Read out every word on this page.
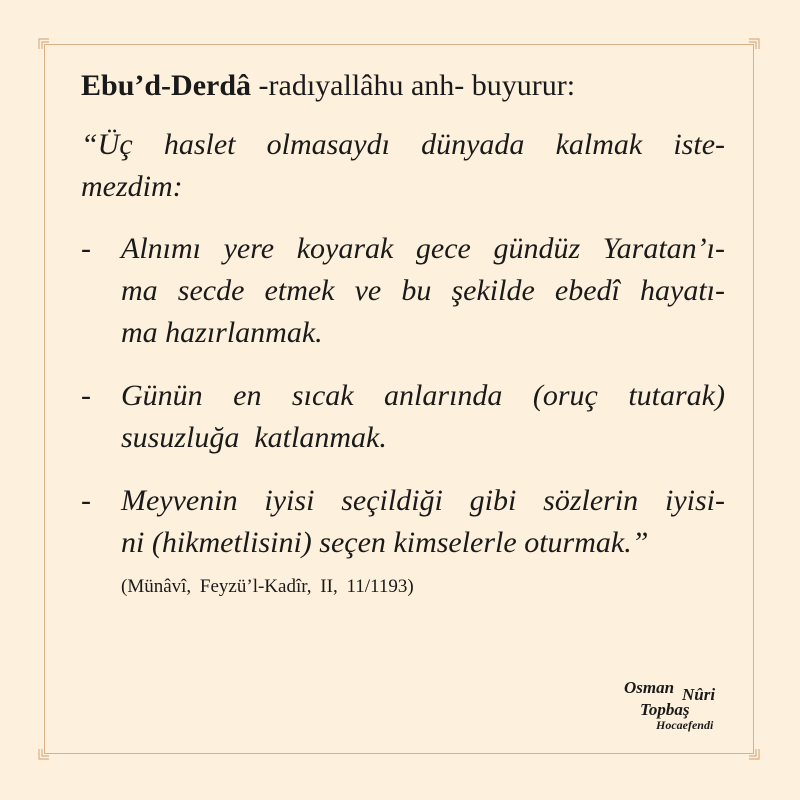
Ebu’d-Derdâ -radıyallâhu anh- buyurur:

“Üç haslet olmasaydı dünyada kalmak iste-
mezdim:

-	Alnımı yere koyarak gece gündüz Yaratan’ı-
ma secde etmek ve bu şekilde ebedî hayatı-
ma hazırlanmak.
-	Günün en sıcak anlarında (oruç tutarak)
susuzluğa  katlanmak.
-	Meyvenin iyisi seçildiği gibi sözlerin iyisi-
ni (hikmetlisini) seçen kimselerle oturmak.”
(Münâvî, Feyzü’l-Kadîr, II, 11/1193)
Osman Nûri
Topbaş
Hocaefendi
